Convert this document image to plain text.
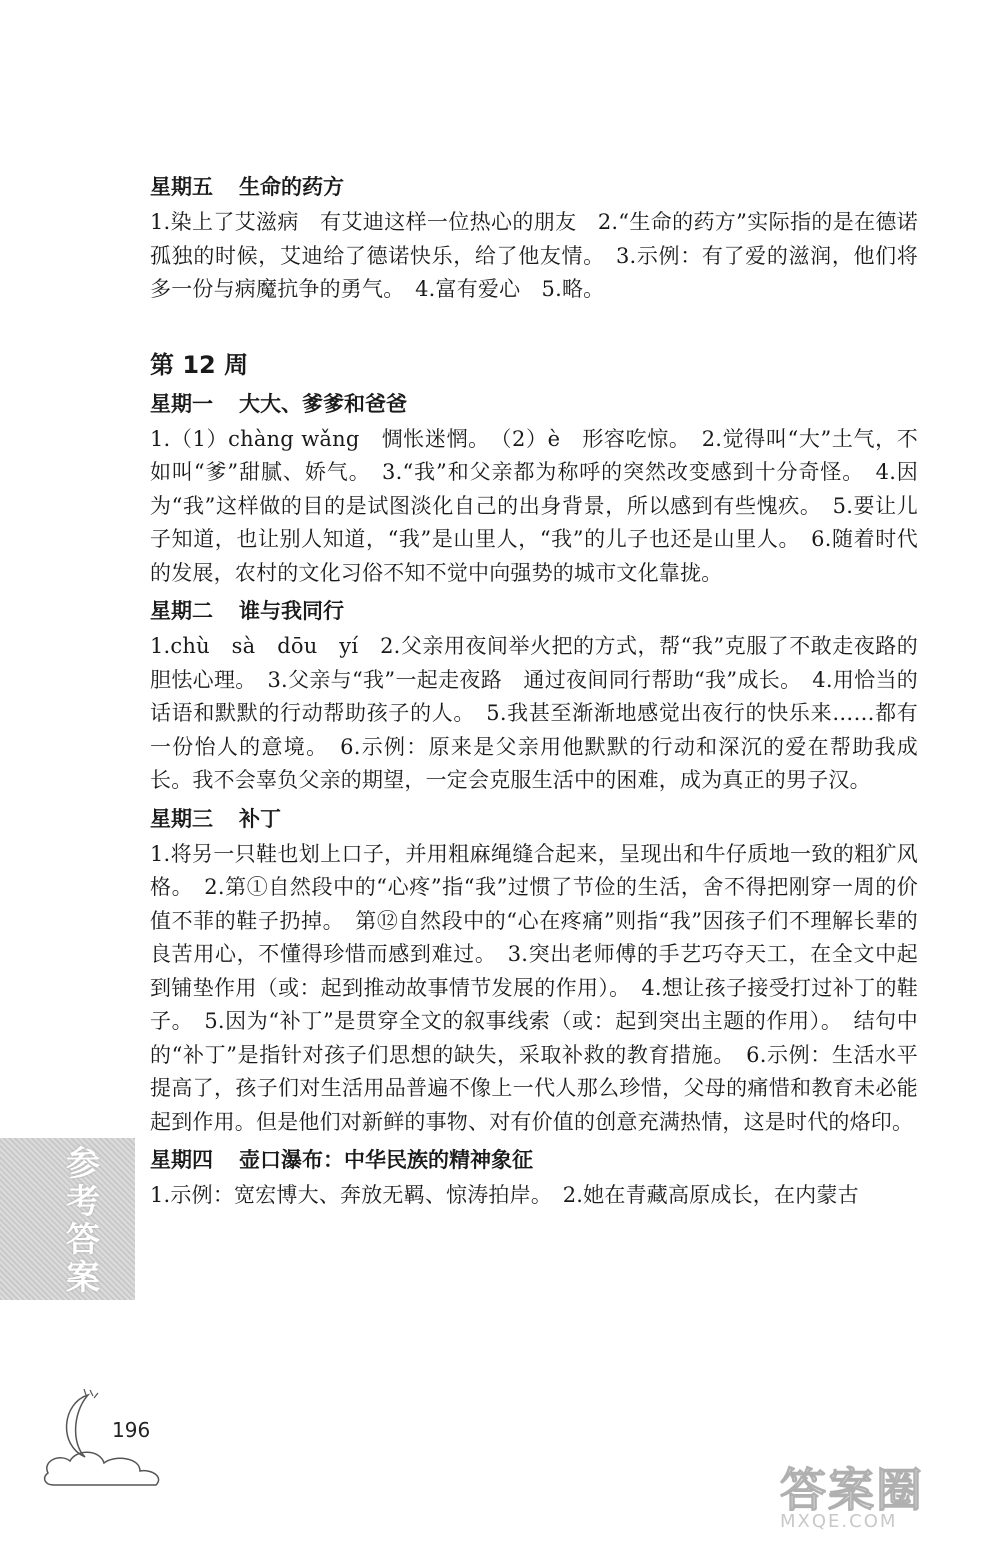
星期五 生命的药方

1.染上了艾滋病　有艾迪这样一位热心的朋友　2.“生命的药方”实际指的是在德诺孤独的时候，艾迪给了德诺快乐，给了他友情。　3.示例：有了爱的滋润，他们将多一份与病魔抗争的勇气。　4.富有爱心　5.略。

第 12 周
星期一 大大、爹爹和爸爸

1.（1）chàng wǎng　惆怅迷惘。　（2）è　形容吃惊。　2.觉得叫“大”土气，不如叫“爹”甜腻、娇气。　3.“我”和父亲都为称呼的突然改变感到十分奇怪。　4.因为“我”这样做的目的是试图淡化自己的出身背景，所以感到有些愧疚。　5.要让儿子知道，也让别人知道，“我”是山里人，“我”的儿子也还是山里人。　6.随着时代的发展，农村的文化习俗不知不觉中向强势的城市文化靠拢。

星期二 谁与我同行

1.chù　sà　dōu　yí　2.父亲用夜间举火把的方式，帮“我”克服了不敢走夜路的胆怯心理。　3.父亲与“我”一起走夜路　通过夜间同行帮助“我”成长。　4.用恰当的话语和默默的行动帮助孩子的人。　5.我甚至渐渐地感觉出夜行的快乐来……都有一份怡人的意境。　6.示例：原来是父亲用他默默的行动和深沉的爱在帮助我成长。我不会辜负父亲的期望，一定会克服生活中的困难，成为真正的男子汉。

星期三 补丁

1.将另一只鞋也划上口子，并用粗麻绳缝合起来，呈现出和牛仔质地一致的粗犷风格。　2.第①自然段中的“心疼”指“我”过惯了节俭的生活，舍不得把刚穿一周的价值不菲的鞋子扔掉。　第⑫自然段中的“心在疼痛”则指“我”因孩子们不理解长辈的良苦用心，不懂得珍惜而感到难过。　3.突出老师傅的手艺巧夺天工，在全文中起到铺垫作用（或：起到推动故事情节发展的作用）。　4.想让孩子接受打过补丁的鞋子。　5.因为“补丁”是贯穿全文的叙事线索（或：起到突出主题的作用）。　结句中的“补丁”是指针对孩子们思想的缺失，采取补救的教育措施。　6.示例：生活水平提高了，孩子们对生活用品普遍不像上一代人那么珍惜，父母的痛惜和教育未必能起到作用。但是他们对新鲜的事物、对有价值的创意充满热情，这是时代的烙印。

星期四 壶口瀑布：中华民族的精神象征

1.示例：宽宏博大、奔放无羁、惊涛拍岸。　2.她在青藏高原成长，在内蒙古

参考答案
196
答案圈
MXQE.COM
